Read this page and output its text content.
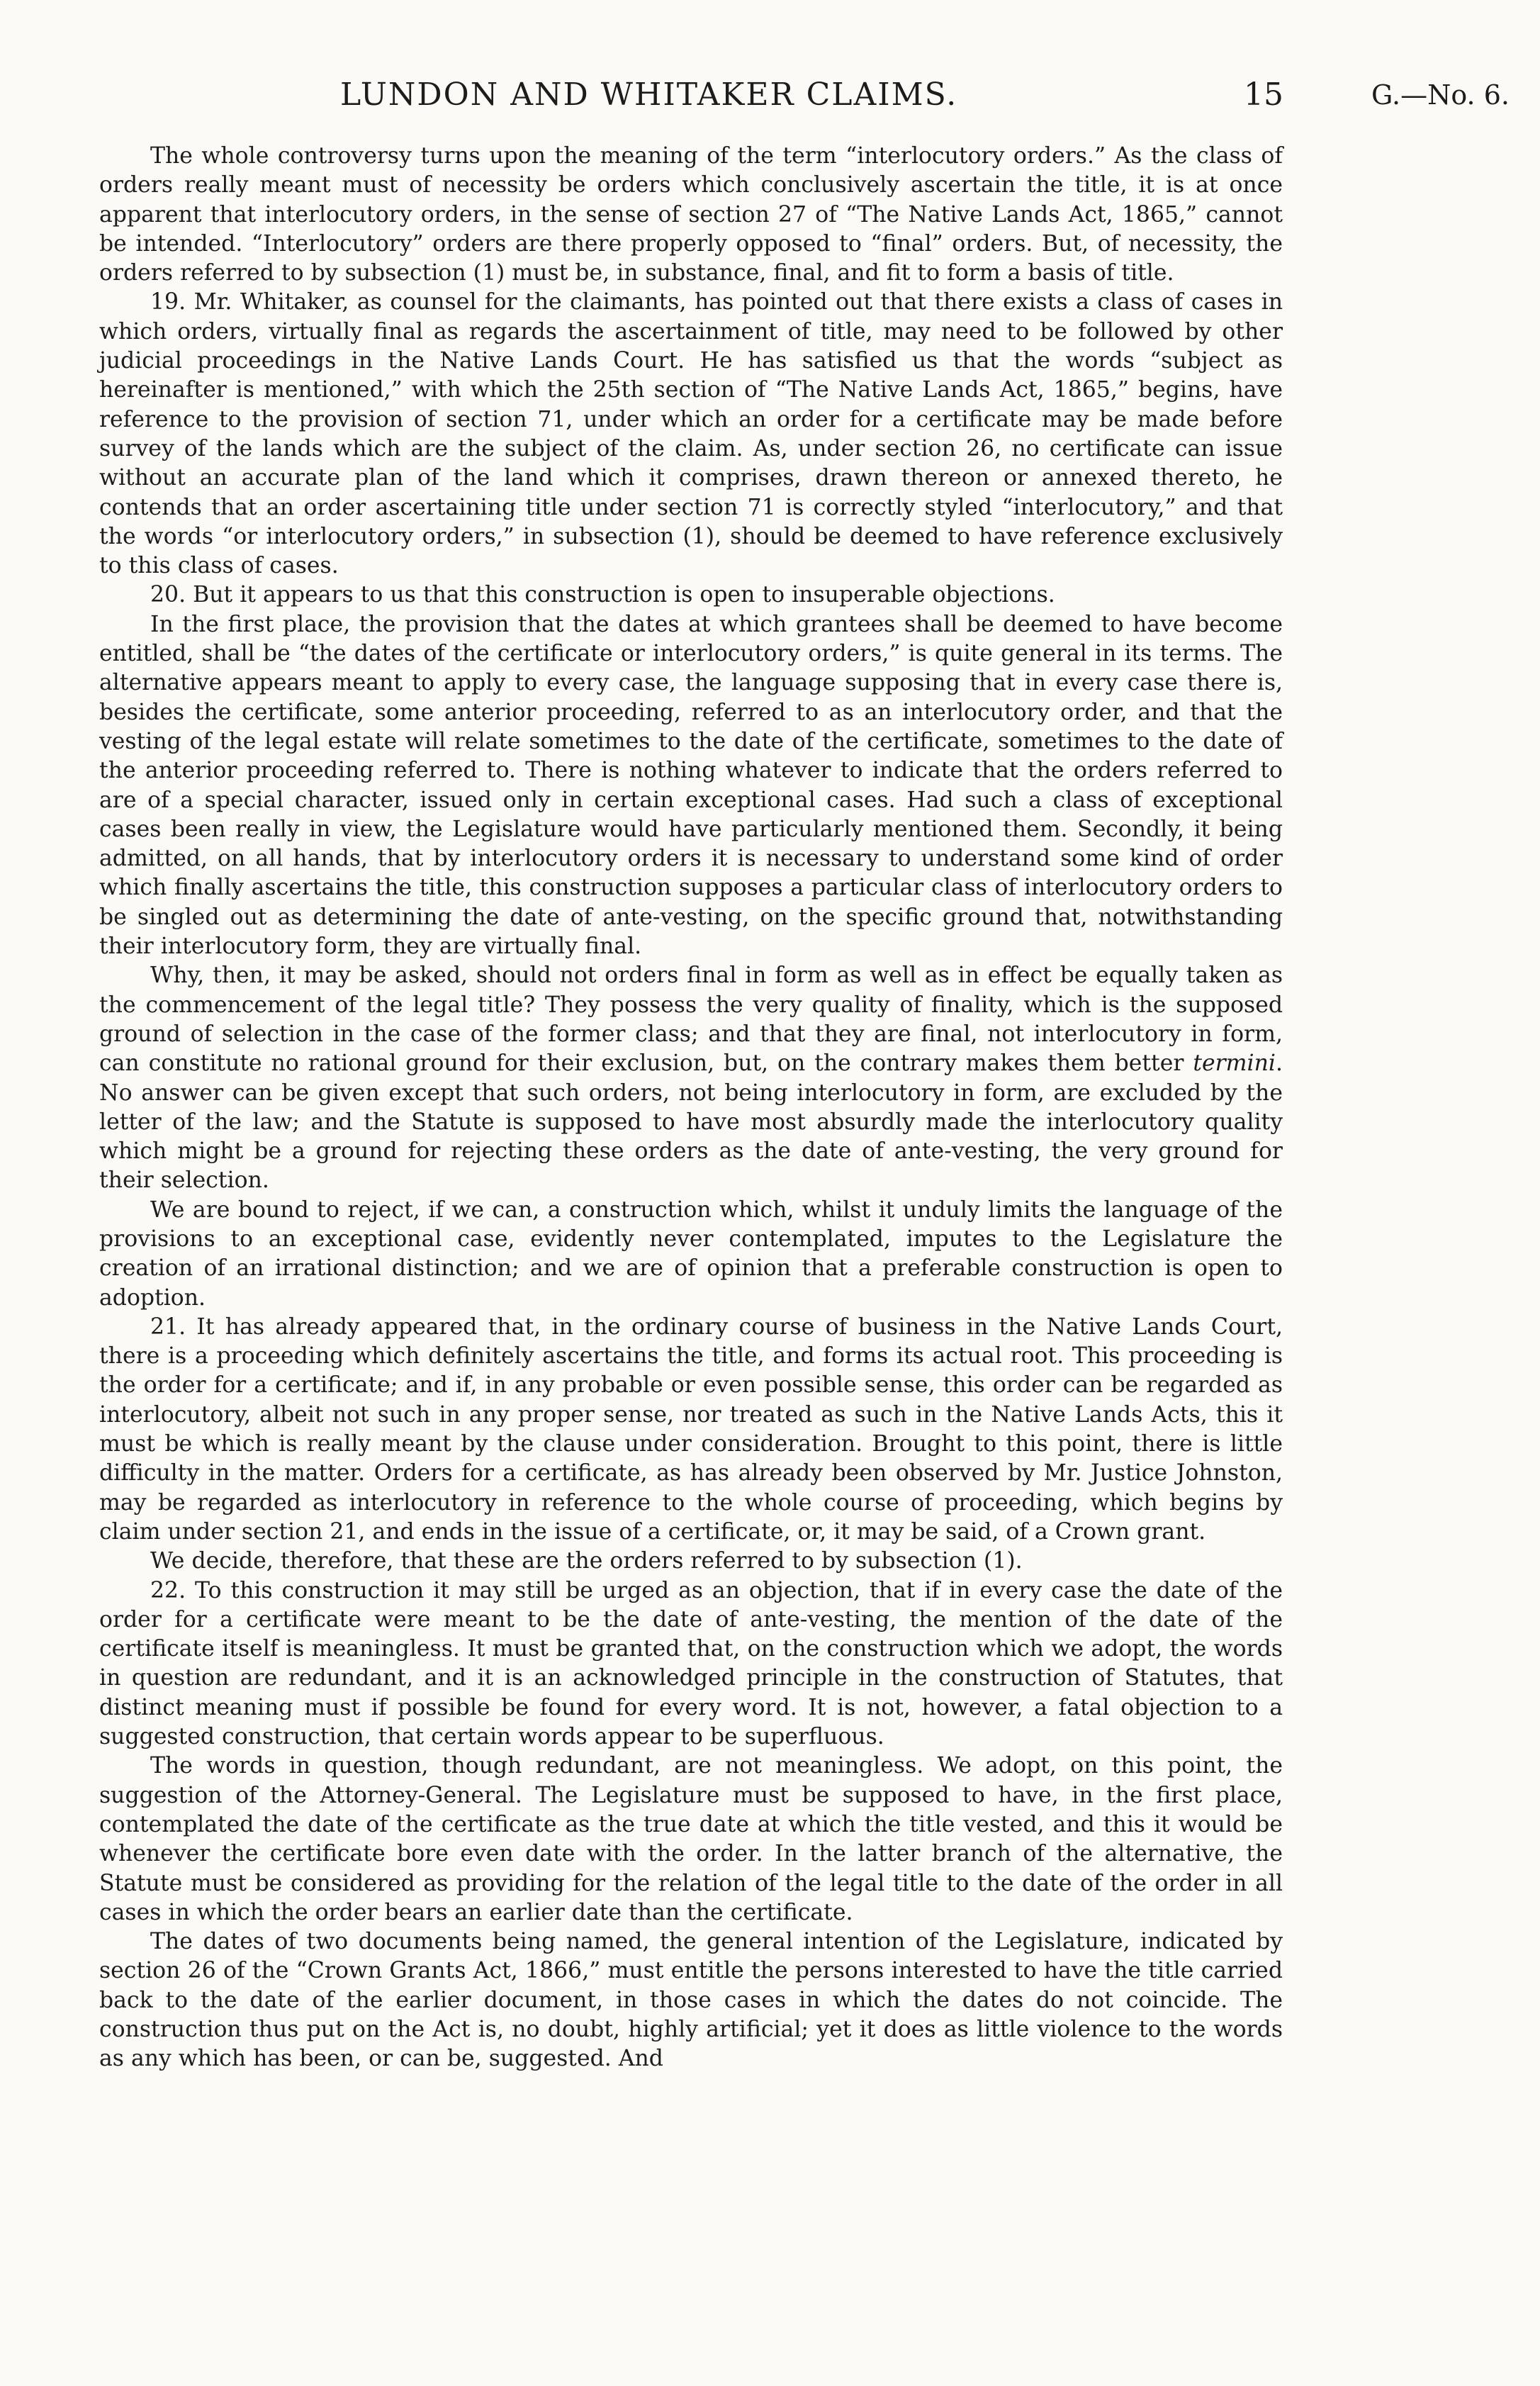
LUNDON AND WHITAKER CLAIMS.	15	G.—No. 6.

The whole controversy turns upon the meaning of the term “interlocutory orders.” As the class of orders really meant must of necessity be orders which conclusively ascertain the title, it is at once apparent that interlocutory orders, in the sense of section 27 of “The Native Lands Act, 1865,” cannot be intended. “Interlocutory” orders are there properly opposed to “final” orders. But, of necessity, the orders referred to by subsection (1) must be, in substance, final, and fit to form a basis of title.

19. Mr. Whitaker, as counsel for the claimants, has pointed out that there exists a class of cases in which orders, virtually final as regards the ascertainment of title, may need to be followed by other judicial proceedings in the Native Lands Court. He has satisfied us that the words “subject as hereinafter is mentioned,” with which the 25th section of “The Native Lands Act, 1865,” begins, have reference to the provision of section 71, under which an order for a certificate may be made before survey of the lands which are the subject of the claim. As, under section 26, no certificate can issue without an accurate plan of the land which it comprises, drawn thereon or annexed thereto, he contends that an order ascertaining title under section 71 is correctly styled “interlocutory,” and that the words “or interlocutory orders,” in subsection (1), should be deemed to have reference exclusively to this class of cases.

20. But it appears to us that this construction is open to insuperable objections.

In the first place, the provision that the dates at which grantees shall be deemed to have become entitled, shall be “the dates of the certificate or interlocutory orders,” is quite general in its terms. The alternative appears meant to apply to every case, the language supposing that in every case there is, besides the certificate, some anterior proceeding, referred to as an interlocutory order, and that the vesting of the legal estate will relate sometimes to the date of the certificate, sometimes to the date of the anterior proceeding referred to. There is nothing whatever to indicate that the orders referred to are of a special character, issued only in certain exceptional cases. Had such a class of exceptional cases been really in view, the Legislature would have particularly mentioned them. Secondly, it being admitted, on all hands, that by interlocutory orders it is necessary to understand some kind of order which finally ascertains the title, this construction supposes a particular class of interlocutory orders to be singled out as determining the date of ante-vesting, on the specific ground that, notwithstanding their interlocutory form, they are virtually final.

Why, then, it may be asked, should not orders final in form as well as in effect be equally taken as the commencement of the legal title? They possess the very quality of finality, which is the supposed ground of selection in the case of the former class; and that they are final, not interlocutory in form, can constitute no rational ground for their exclusion, but, on the contrary makes them better termini. No answer can be given except that such orders, not being interlocutory in form, are excluded by the letter of the law; and the Statute is supposed to have most absurdly made the interlocutory quality which might be a ground for rejecting these orders as the date of ante-vesting, the very ground for their selection.

We are bound to reject, if we can, a construction which, whilst it unduly limits the language of the provisions to an exceptional case, evidently never contemplated, imputes to the Legislature the creation of an irrational distinction; and we are of opinion that a preferable construction is open to adoption.

21. It has already appeared that, in the ordinary course of business in the Native Lands Court, there is a proceeding which definitely ascertains the title, and forms its actual root. This proceeding is the order for a certificate; and if, in any probable or even possible sense, this order can be regarded as interlocutory, albeit not such in any proper sense, nor treated as such in the Native Lands Acts, this it must be which is really meant by the clause under consideration. Brought to this point, there is little difficulty in the matter. Orders for a certificate, as has already been observed by Mr. Justice Johnston, may be regarded as interlocutory in reference to the whole course of proceeding, which begins by claim under section 21, and ends in the issue of a certificate, or, it may be said, of a Crown grant.

We decide, therefore, that these are the orders referred to by subsection (1).

22. To this construction it may still be urged as an objection, that if in every case the date of the order for a certificate were meant to be the date of ante-vesting, the mention of the date of the certificate itself is meaningless. It must be granted that, on the construction which we adopt, the words in question are redundant, and it is an acknowledged principle in the construction of Statutes, that distinct meaning must if possible be found for every word. It is not, however, a fatal objection to a suggested construction, that certain words appear to be superfluous.

The words in question, though redundant, are not meaningless. We adopt, on this point, the suggestion of the Attorney-General. The Legislature must be supposed to have, in the first place, contemplated the date of the certificate as the true date at which the title vested, and this it would be whenever the certificate bore even date with the order. In the latter branch of the alternative, the Statute must be considered as providing for the relation of the legal title to the date of the order in all cases in which the order bears an earlier date than the certificate.

The dates of two documents being named, the general intention of the Legislature, indicated by section 26 of the “Crown Grants Act, 1866,” must entitle the persons interested to have the title carried back to the date of the earlier document, in those cases in which the dates do not coincide. The construction thus put on the Act is, no doubt, highly artificial; yet it does as little violence to the words as any which has been, or can be, suggested. And
